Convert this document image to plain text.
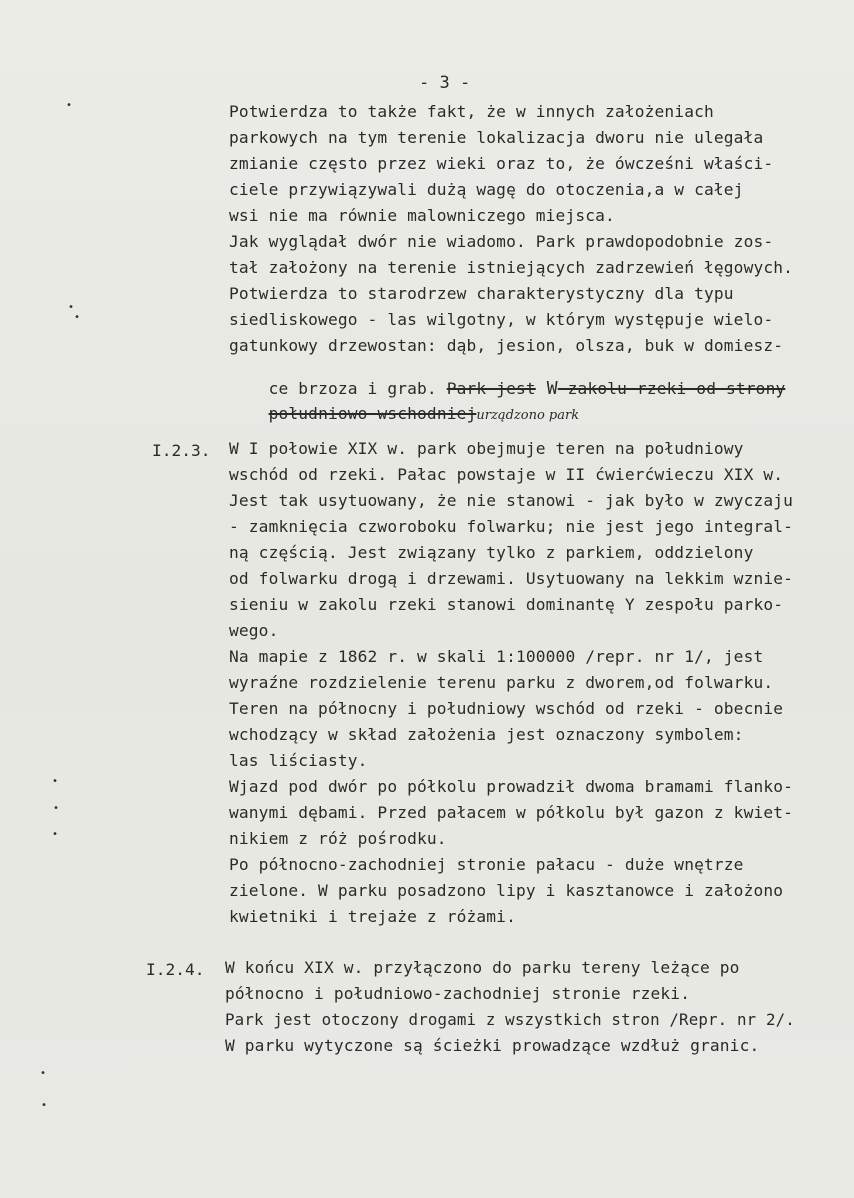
- 3 -
•
•
•
•
•
•
•
•
Potwierdza to także fakt, że w innych założeniach
parkowych na tym terenie lokalizacja dworu nie ulegała
zmianie często przez wieki oraz to, że ówcześni właści-
ciele przywiązywali dużą wagę do otoczenia,a w całej
wsi nie ma równie malowniczego miejsca.
Jak wyglądał dwór nie wiadomo. Park prawdopodobnie zos-
tał założony na terenie istniejących zadrzewień łęgowych.
Potwierdza to starodrzew charakterystyczny dla typu
siedliskowego - las wilgotny, w którym występuje wielo-
gatunkowy drzewostan: dąb, jesion, olsza, buk w domiesz-

ce brzoza i grab. Park jest W zakolu rzeki od strony

południowo-wschodniejurządzono park

I.2.3. W I połowie XIX w. park obejmuje teren na południowy
wschód od rzeki. Pałac powstaje w II ćwierćwieczu XIX w.
Jest tak usytuowany, że nie stanowi - jak było w zwyczaju
- zamknięcia czworoboku folwarku; nie jest jego integral-
ną częścią. Jest związany tylko z parkiem, oddzielony
od folwarku drogą i drzewami. Usytuowany na lekkim wznie-
sieniu w zakolu rzeki stanowi dominantę Y zespołu parko-
wego.
Na mapie z 1862 r. w skali 1:100000 /repr. nr 1/, jest
wyraźne rozdzielenie terenu parku z dworem,od folwarku.
Teren na północny i południowy wschód od rzeki - obecnie
wchodzący w skład założenia jest oznaczony symbolem:
las liściasty.
Wjazd pod dwór po półkolu prowadził dwoma bramami flanko-
wanymi dębami. Przed pałacem w półkolu był gazon z kwiet-
nikiem z róż pośrodku.
Po północno-zachodniej stronie pałacu - duże wnętrze
zielone. W parku posadzono lipy i kasztanowce i założono
kwietniki i trejaże z różami.
I.2.4. W końcu XIX w. przyłączono do parku tereny leżące po
północno i południowo-zachodniej stronie rzeki.
Park jest otoczony drogami z wszystkich stron /Repr. nr 2/.
W parku wytyczone są ścieżki prowadzące wzdłuż granic.
